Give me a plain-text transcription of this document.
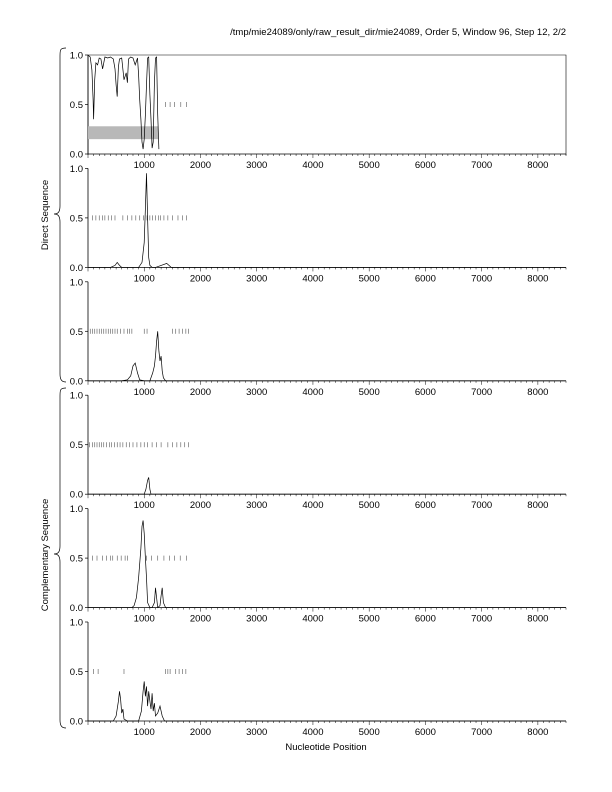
/tmp/mie24089/only/raw_result_dir/mie24089, Order 5, Window 96, Step 12, 2/2
0.0
0.5
1.0
1000	2000	3000	4000	5000	6000	7000	8000
0.0
0.5
1.0
1000	2000	3000	4000	5000	6000	7000	8000
0.0
0.5
1.0
1000	2000	3000	4000	5000	6000	7000	8000
0.0
0.5
1.0
1000	2000	3000	4000	5000	6000	7000	8000
0.0
0.5
1.0
1000	2000	3000	4000	5000	6000	7000	8000
0.0
0.5
1.0
1000	2000	3000	4000	5000	6000	7000	8000
Direct Sequence
Complementary Sequence
Nucleotide Position
